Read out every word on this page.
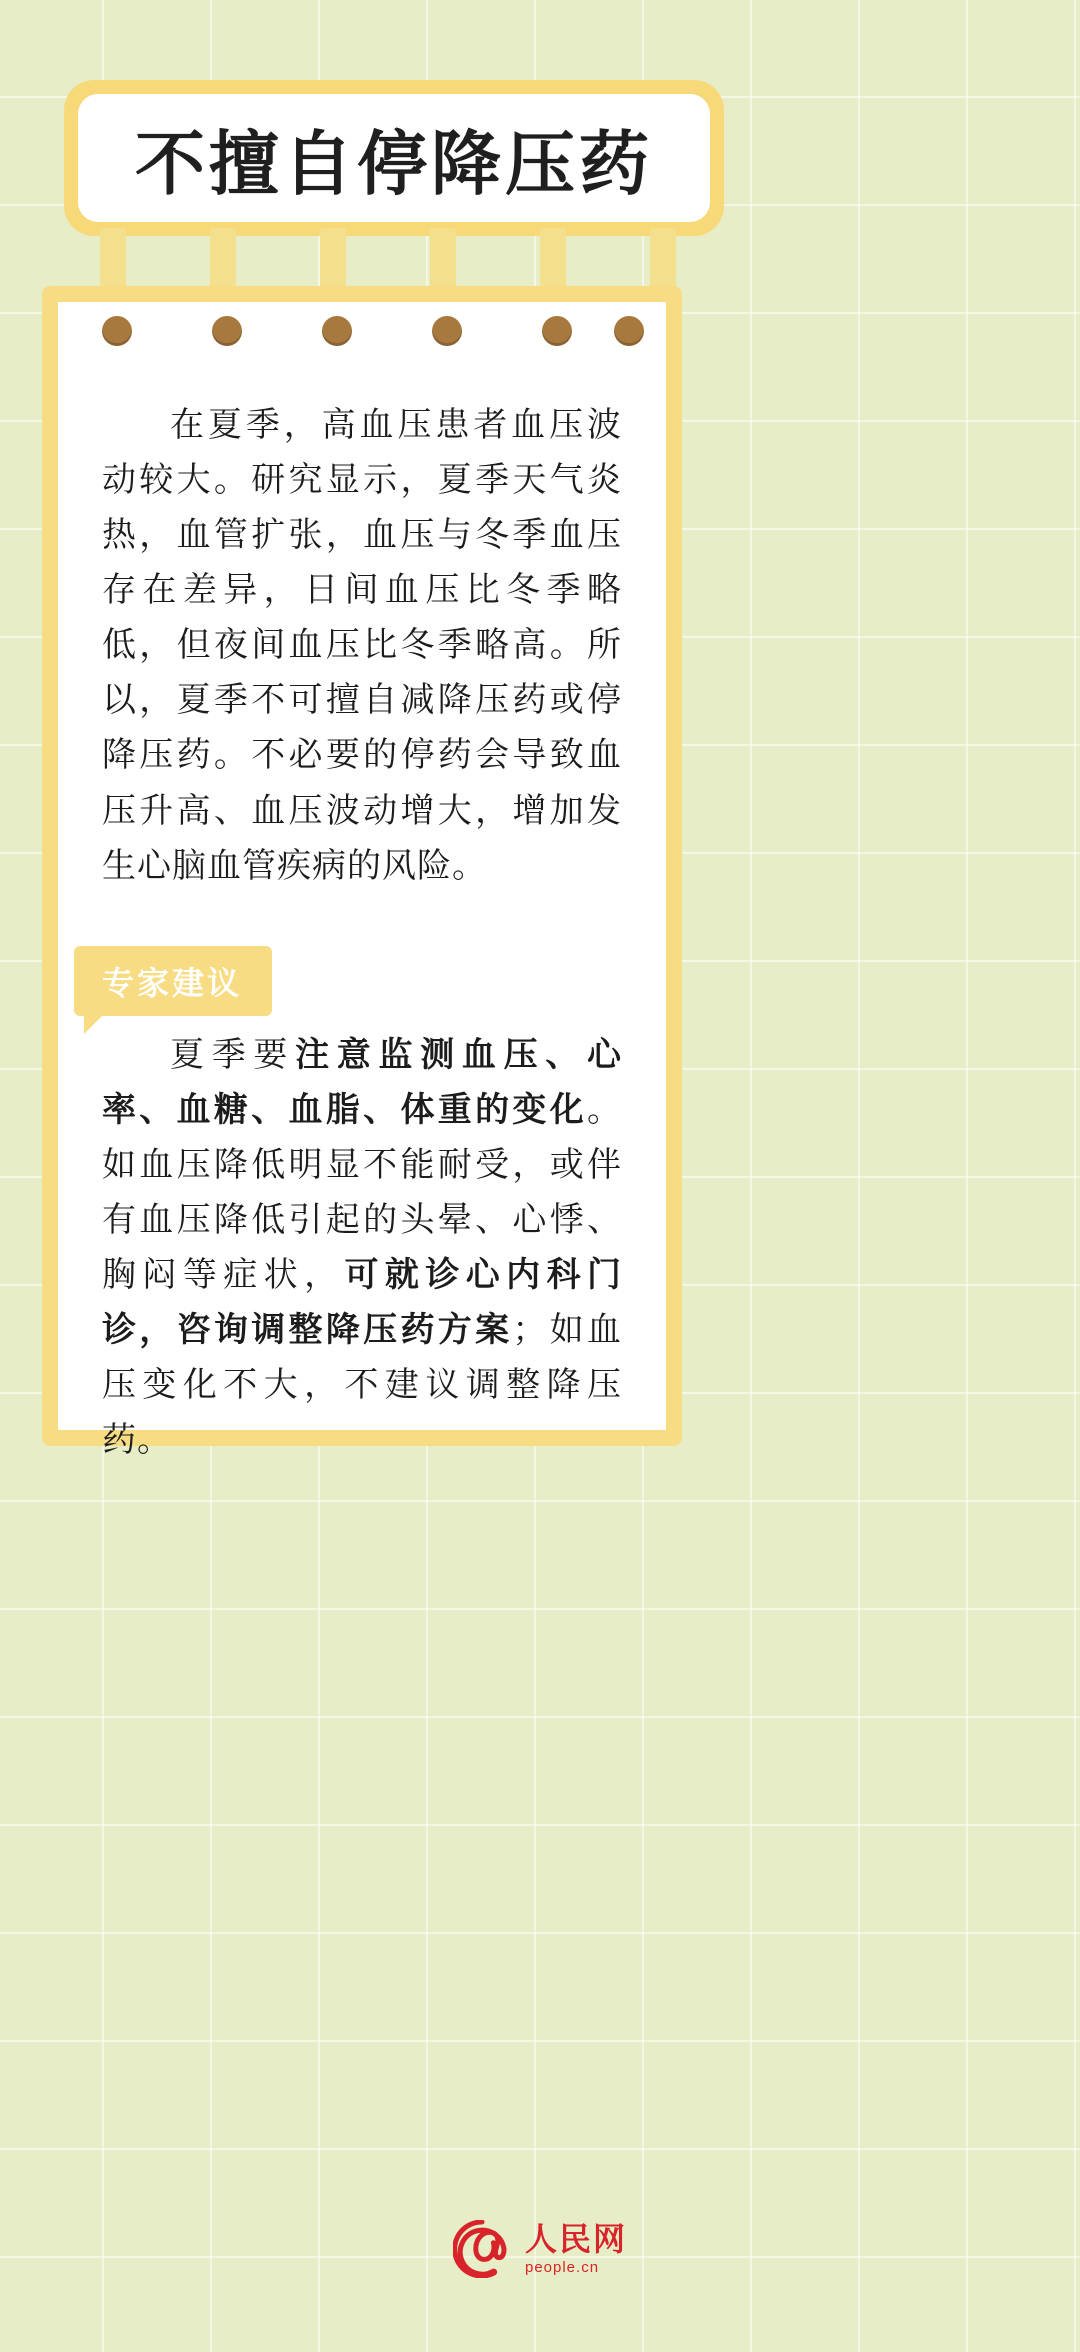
不擅自停降压药

在夏季，高血压患者血压波动较大。研究显示，夏季天气炎热，血管扩张，血压与冬季血压存在差异，日间血压比冬季略低，但夜间血压比冬季略高。所以，夏季不可擅自减降压药或停降压药。不必要的停药会导致血压升高、血压波动增大，增加发生心脑血管疾病的风险。

专家建议

夏季要注意监测血压、心率、血糖、血脂、体重的变化。如血压降低明显不能耐受，或伴有血压降低引起的头晕、心悸、胸闷等症状，可就诊心内科门诊，咨询调整降压药方案；如血压变化不大，不建议调整降压药。

人民网
people.cn
